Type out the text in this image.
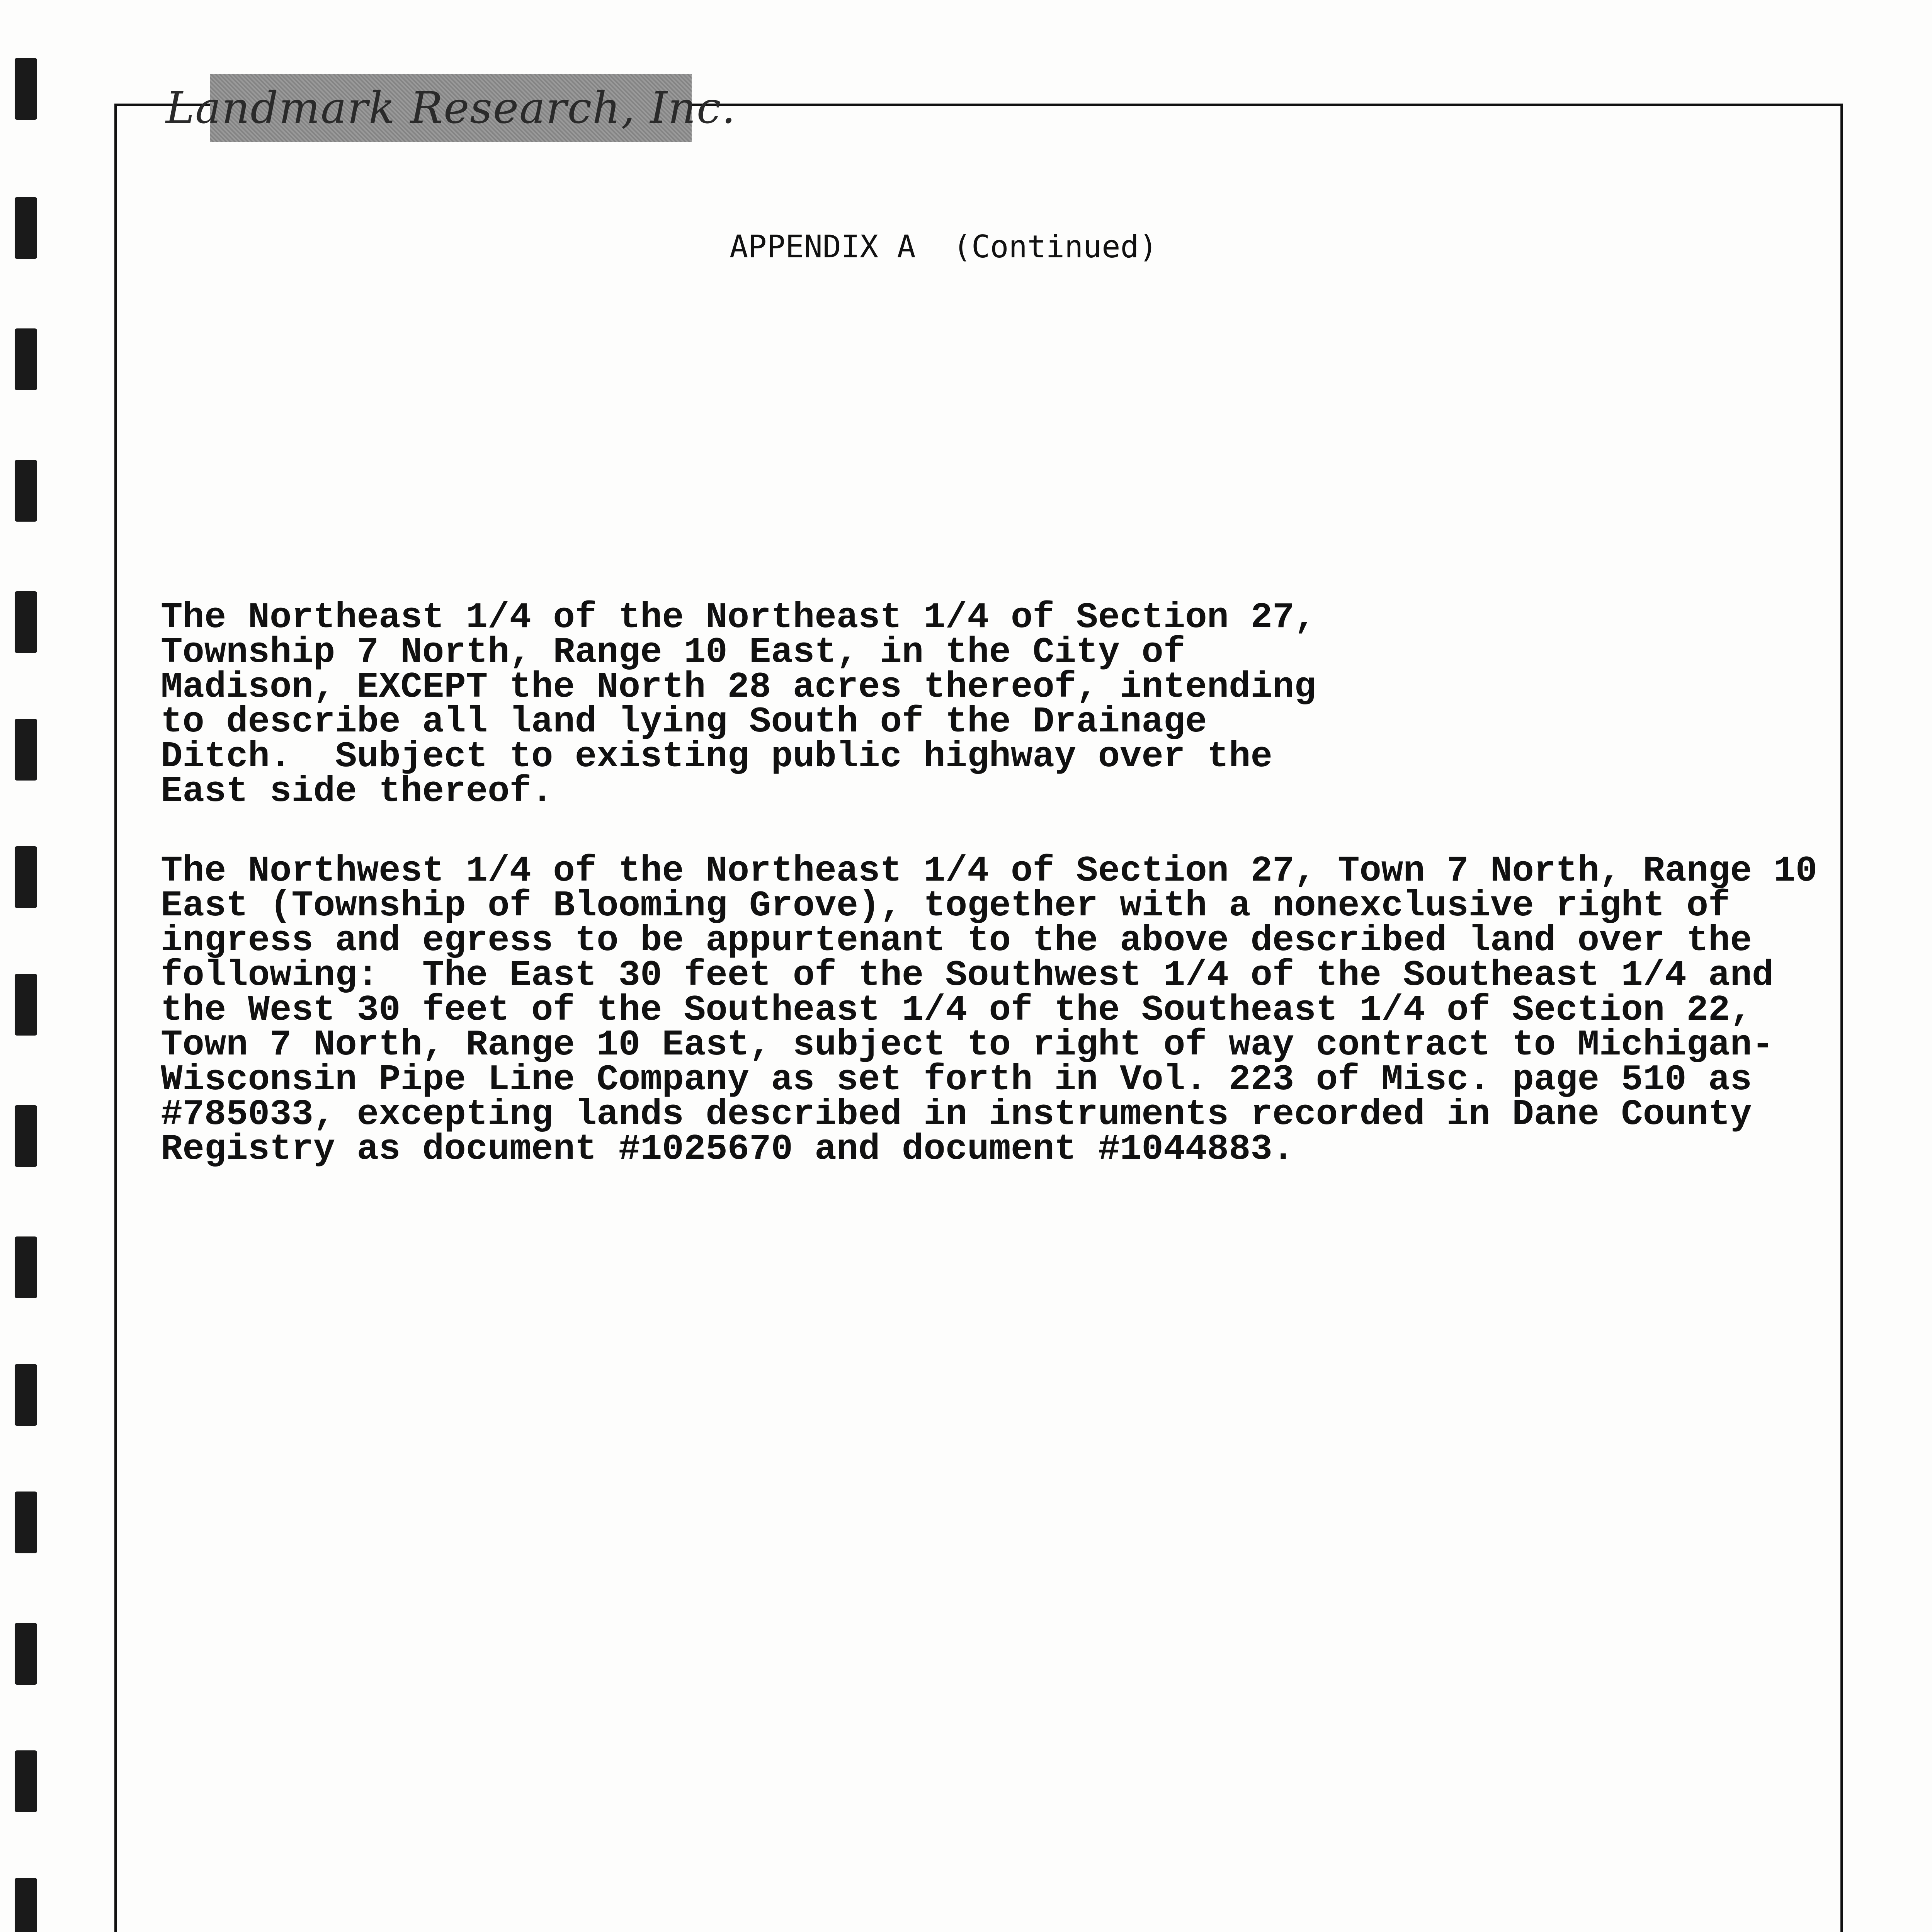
Landmark Research, Inc.
APPENDIX A  (Continued)
The Northeast 1/4 of the Northeast 1/4 of Section 27,
Township 7 North, Range 10 East, in the City of
Madison, EXCEPT the North 28 acres thereof, intending
to describe all land lying South of the Drainage
Ditch.  Subject to existing public highway over the
East side thereof.
The Northwest 1/4 of the Northeast 1/4 of Section 27, Town 7 North, Range 10
East (Township of Blooming Grove), together with a nonexclusive right of
ingress and egress to be appurtenant to the above described land over the
following:  The East 30 feet of the Southwest 1/4 of the Southeast 1/4 and
the West 30 feet of the Southeast 1/4 of the Southeast 1/4 of Section 22,
Town 7 North, Range 10 East, subject to right of way contract to Michigan-
Wisconsin Pipe Line Company as set forth in Vol. 223 of Misc. page 510 as
#785033, excepting lands described in instruments recorded in Dane County
Registry as document #1025670 and document #1044883.
